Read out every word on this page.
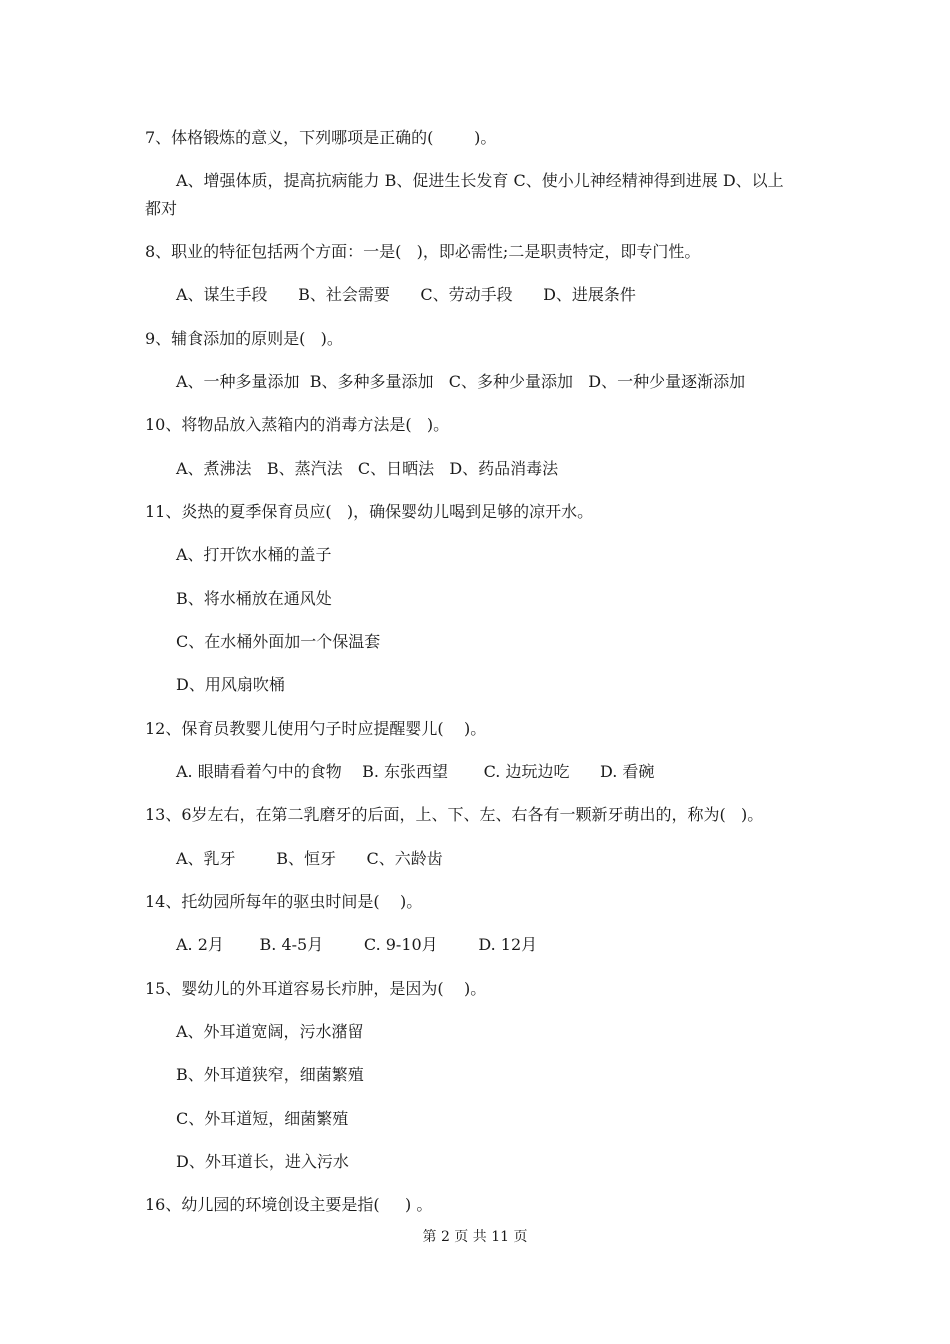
7、体格锻炼的意义，下列哪项是正确的(        )。
A、增强体质，提高抗病能力 B、促进生长发育 C、使小儿神经精神得到进展 D、以上
都对
8、职业的特征包括两个方面：一是(   )，即必需性;二是职责特定，即专门性。
A、谋生手段      B、社会需要      C、劳动手段      D、进展条件
9、辅食添加的原则是(   )。
A、一种多量添加  B、多种多量添加   C、多种少量添加   D、一种少量逐渐添加
10、将物品放入蒸箱内的消毒方法是(   )。
A、煮沸法   B、蒸汽法   C、日晒法   D、药品消毒法
11、炎热的夏季保育员应(   )，确保婴幼儿喝到足够的凉开水。
A、打开饮水桶的盖子
B、将水桶放在通风处
C、在水桶外面加一个保温套
D、用风扇吹桶
12、保育员教婴儿使用勺子时应提醒婴儿(    )。
A. 眼睛看着勺中的食物    B. 东张西望       C. 边玩边吃      D. 看碗
13、6岁左右，在第二乳磨牙的后面，上、下、左、右各有一颗新牙萌出的，称为(   )。
A、乳牙        B、恒牙      C、六龄齿
14、托幼园所每年的驱虫时间是(    )。
A. 2月       B. 4-5月        C. 9-10月        D. 12月
15、婴幼儿的外耳道容易长疖肿，是因为(    )。
A、外耳道宽阔，污水潴留
B、外耳道狭窄，细菌繁殖
C、外耳道短，细菌繁殖
D、外耳道长，进入污水
16、幼儿园的环境创设主要是指(     ) 。
第 2 页 共 11 页
